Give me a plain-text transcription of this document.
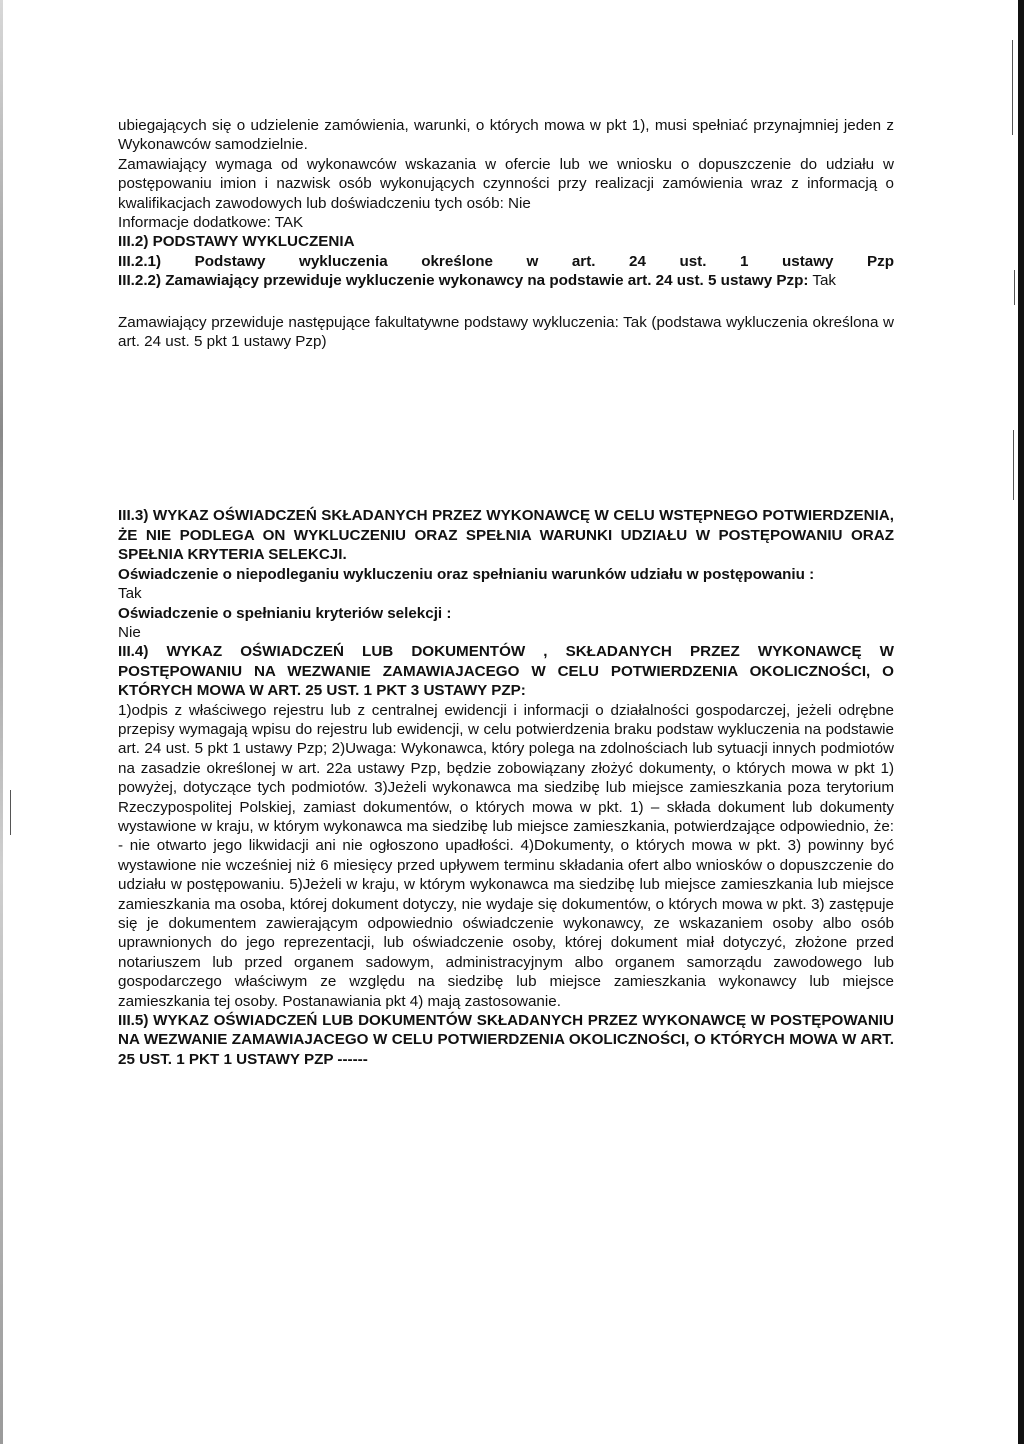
ubiegających się o udzielenie zamówienia, warunki, o których mowa w pkt 1), musi spełniać przynajmniej jeden z Wykonawców samodzielnie.

Zamawiający wymaga od wykonawców wskazania w ofercie lub we wniosku o dopuszczenie do udziału w postępowaniu imion i nazwisk osób wykonujących czynności przy realizacji zamówienia wraz z informacją o kwalifikacjach zawodowych lub doświadczeniu tych osób: Nie

Informacje dodatkowe: TAK

III.2) PODSTAWY WYKLUCZENIA

III.2.1) Podstawy wykluczenia określone w art. 24 ust. 1 ustawy Pzp

III.2.2) Zamawiający przewiduje wykluczenie wykonawcy na podstawie art. 24 ust. 5 ustawy Pzp: Tak

Zamawiający przewiduje następujące fakultatywne podstawy wykluczenia: Tak (podstawa wykluczenia określona w art. 24 ust. 5 pkt 1 ustawy Pzp)

III.3) WYKAZ OŚWIADCZEŃ SKŁADANYCH PRZEZ WYKONAWCĘ W CELU WSTĘPNEGO POTWIERDZENIA, ŻE NIE PODLEGA ON WYKLUCZENIU ORAZ SPEŁNIA WARUNKI UDZIAŁU W POSTĘPOWANIU ORAZ SPEŁNIA KRYTERIA SELEKCJI.

Oświadczenie o niepodleganiu wykluczeniu oraz spełnianiu warunków udziału w postępowaniu :

Tak

Oświadczenie o spełnianiu kryteriów selekcji :

Nie

III.4) WYKAZ OŚWIADCZEŃ LUB DOKUMENTÓW , SKŁADANYCH PRZEZ WYKONAWCĘ W POSTĘPOWANIU NA WEZWANIE ZAMAWIAJACEGO W CELU POTWIERDZENIA OKOLICZNOŚCI, O KTÓRYCH MOWA W ART. 25 UST. 1 PKT 3 USTAWY PZP:

1)odpis z właściwego rejestru lub z centralnej ewidencji i informacji o działalności gospodarczej, jeżeli odrębne przepisy wymagają wpisu do rejestru lub ewidencji, w celu potwierdzenia braku podstaw wykluczenia na podstawie art. 24 ust. 5 pkt 1 ustawy Pzp; 2)Uwaga: Wykonawca, który polega na zdolnościach lub sytuacji innych podmiotów na zasadzie określonej w art. 22a ustawy Pzp, będzie zobowiązany złożyć dokumenty, o których mowa w pkt 1) powyżej, dotyczące tych podmiotów. 3)Jeżeli wykonawca ma siedzibę lub miejsce zamieszkania poza terytorium Rzeczypospolitej Polskiej, zamiast dokumentów, o których mowa w pkt. 1) – składa dokument lub dokumenty wystawione w kraju, w którym wykonawca ma siedzibę lub miejsce zamieszkania, potwierdzające odpowiednio, że: - nie otwarto jego likwidacji ani nie ogłoszono upadłości. 4)Dokumenty, o których mowa w pkt. 3) powinny być wystawione nie wcześniej niż 6 miesięcy przed upływem terminu składania ofert albo wniosków o dopuszczenie do udziału w postępowaniu. 5)Jeżeli w kraju, w którym wykonawca ma siedzibę lub miejsce zamieszkania lub miejsce zamieszkania ma osoba, której dokument dotyczy, nie wydaje się dokumentów, o których mowa w pkt. 3) zastępuje się je dokumentem zawierającym odpowiednio oświadczenie wykonawcy, ze wskazaniem osoby albo osób uprawnionych do jego reprezentacji, lub oświadczenie osoby, której dokument miał dotyczyć, złożone przed notariuszem lub przed organem sadowym, administracyjnym albo organem samorządu zawodowego lub gospodarczego właściwym ze względu na siedzibę lub miejsce zamieszkania wykonawcy lub miejsce zamieszkania tej osoby. Postanawiania pkt 4) mają zastosowanie.

III.5) WYKAZ OŚWIADCZEŃ LUB DOKUMENTÓW SKŁADANYCH PRZEZ WYKONAWCĘ W POSTĘPOWANIU NA WEZWANIE ZAMAWIAJACEGO W CELU POTWIERDZENIA OKOLICZNOŚCI, O KTÓRYCH MOWA W ART. 25 UST. 1 PKT 1 USTAWY PZP ------
